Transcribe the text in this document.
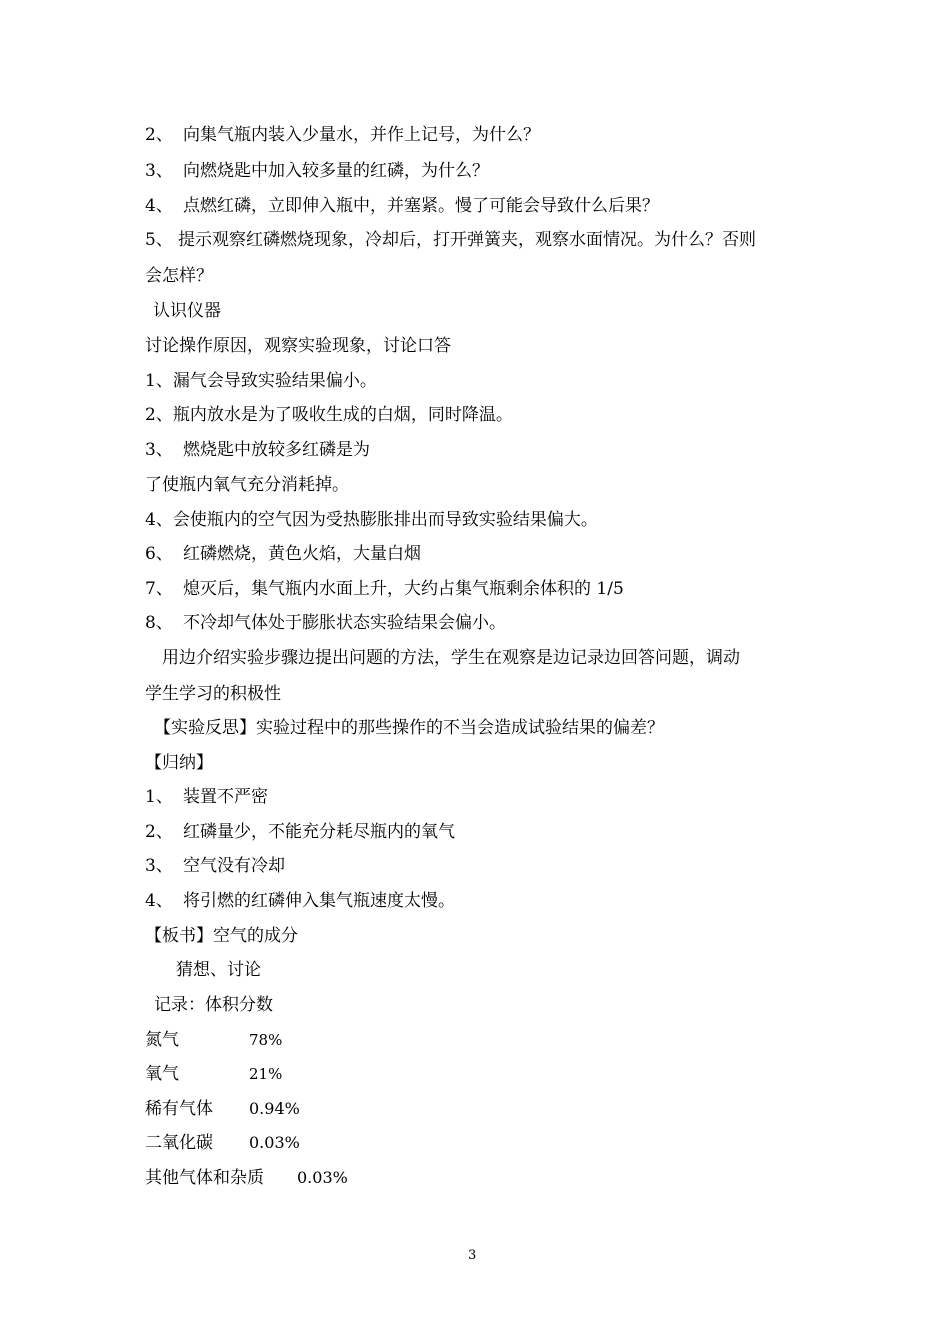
2、 向集气瓶内装入少量水，并作上记号，为什么？
3、 向燃烧匙中加入较多量的红磷，为什么？
4、 点燃红磷，立即伸入瓶中，并塞紧。慢了可能会导致什么后果？
5、 提示观察红磷燃烧现象，冷却后，打开弹簧夹，观察水面情况。为什么？否则
会怎样？
认识仪器
讨论操作原因，观察实验现象，讨论口答
1、漏气会导致实验结果偏小。
2、瓶内放水是为了吸收生成的白烟，同时降温。
3、 燃烧匙中放较多红磷是为
了使瓶内氧气充分消耗掉。
4、会使瓶内的空气因为受热膨胀排出而导致实验结果偏大。
6、 红磷燃烧，黄色火焰，大量白烟
7、 熄灭后，集气瓶内水面上升，大约占集气瓶剩余体积的 1/5
8、 不冷却气体处于膨胀状态实验结果会偏小。
用边介绍实验步骤边提出问题的方法，学生在观察是边记录边回答问题，调动
学生学习的积极性
【实验反思】实验过程中的那些操作的不当会造成试验结果的偏差？
【归纳】
1、 装置不严密
2、 红磷量少，不能充分耗尽瓶内的氧气
3、 空气没有冷却
4、 将引燃的红磷伸入集气瓶速度太慢。
【板书】空气的成分
猜想、讨论
记录：体积分数
氮气	78%
氧气	21%
稀有气体 0.94%
二氧化碳 0.03%
其他气体和杂质 0.03%
3
